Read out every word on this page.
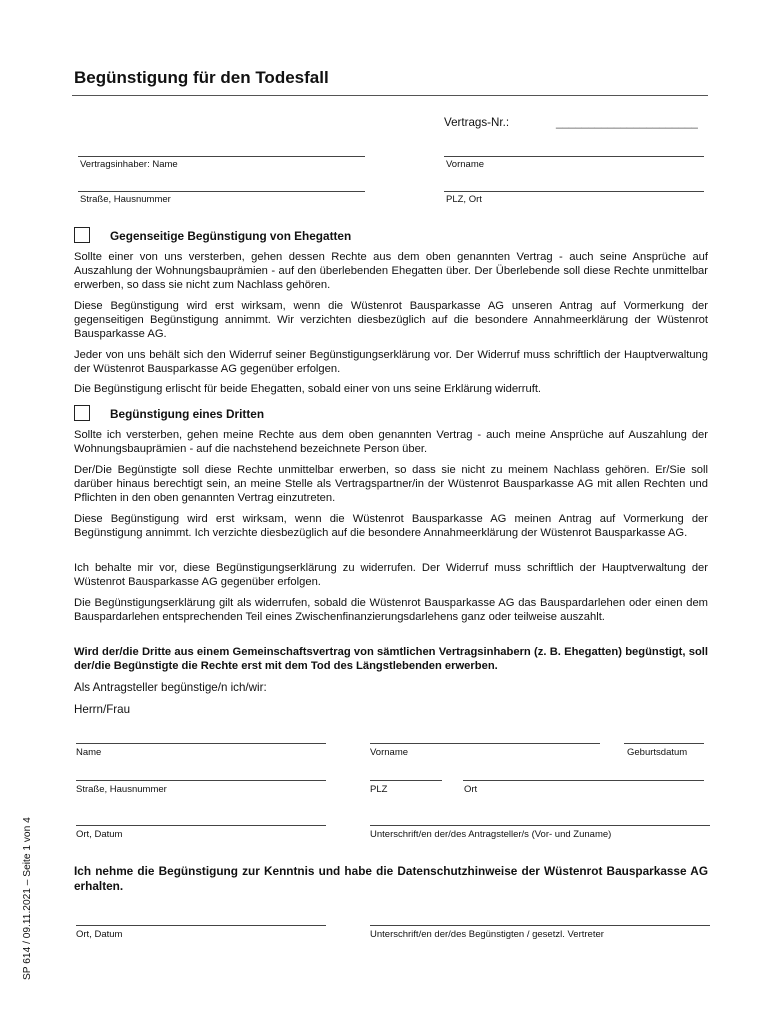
Begünstigung für den Todesfall
Vertrags-Nr.:	______________________
Vertragsinhaber: Name	Vorname
Straße, Hausnummer	PLZ, Ort
Gegenseitige Begünstigung von Ehegatten
Sollte einer von uns versterben, gehen dessen Rechte aus dem oben genannten Vertrag - auch seine Ansprüche auf Auszahlung der Wohnungsbauprämien - auf den überlebenden Ehegatten über. Der Überlebende soll diese Rechte unmittelbar erwerben, so dass sie nicht zum Nachlass gehören.
Diese Begünstigung wird erst wirksam, wenn die Wüstenrot Bausparkasse AG unseren Antrag auf Vormerkung der gegenseitigen Begünstigung annimmt. Wir verzichten diesbezüglich auf die besondere Annahmeerklärung der Wüstenrot Bausparkasse AG.
Jeder von uns behält sich den Widerruf seiner Begünstigungserklärung vor. Der Widerruf muss schriftlich der Hauptverwaltung der Wüstenrot Bausparkasse AG gegenüber erfolgen.
Die Begünstigung erlischt für beide Ehegatten, sobald einer von uns seine Erklärung widerruft.
Begünstigung eines Dritten
Sollte ich versterben, gehen meine Rechte aus dem oben genannten Vertrag - auch meine Ansprüche auf Auszahlung der Wohnungsbauprämien - auf die nachstehend bezeichnete Person über.
Der/Die Begünstigte soll diese Rechte unmittelbar erwerben, so dass sie nicht zu meinem Nachlass gehören. Er/Sie soll darüber hinaus berechtigt sein, an meine Stelle als Vertragspartner/in der Wüstenrot Bausparkasse AG mit allen Rechten und Pflichten in den oben genannten Vertrag einzutreten.
Diese Begünstigung wird erst wirksam, wenn die Wüstenrot Bausparkasse AG meinen Antrag auf Vormerkung der Begünstigung annimmt. Ich verzichte diesbezüglich auf die besondere Annahmeerklärung der Wüstenrot Bausparkasse AG.
Ich behalte mir vor, diese Begünstigungserklärung zu widerrufen. Der Widerruf muss schriftlich der Hauptverwaltung der Wüstenrot Bausparkasse AG gegenüber erfolgen.
Die Begünstigungserklärung gilt als widerrufen, sobald die Wüstenrot Bausparkasse AG das Bauspardarlehen oder einen dem Bauspardarlehen entsprechenden Teil eines Zwischenfinanzierungsdarlehens ganz oder teilweise auszahlt.
Wird der/die Dritte aus einem Gemeinschaftsvertrag von sämtlichen Vertragsinhabern (z. B. Ehegatten) begünstigt, soll der/die Begünstigte die Rechte erst mit dem Tod des Längstlebenden erwerben.
Als Antragsteller begünstige/n ich/wir:
Herrn/Frau
Name	Vorname	Geburtsdatum
Straße, Hausnummer	PLZ	Ort
Ort, Datum	Unterschrift/en der/des Antragsteller/s (Vor- und Zuname)
Ich nehme die Begünstigung zur Kenntnis und habe die Datenschutzhinweise der Wüstenrot Bausparkasse AG erhalten.
Ort, Datum	Unterschrift/en der/des Begünstigten / gesetzl. Vertreter
SP 614 / 09.11.2021 – Seite 1 von 4
